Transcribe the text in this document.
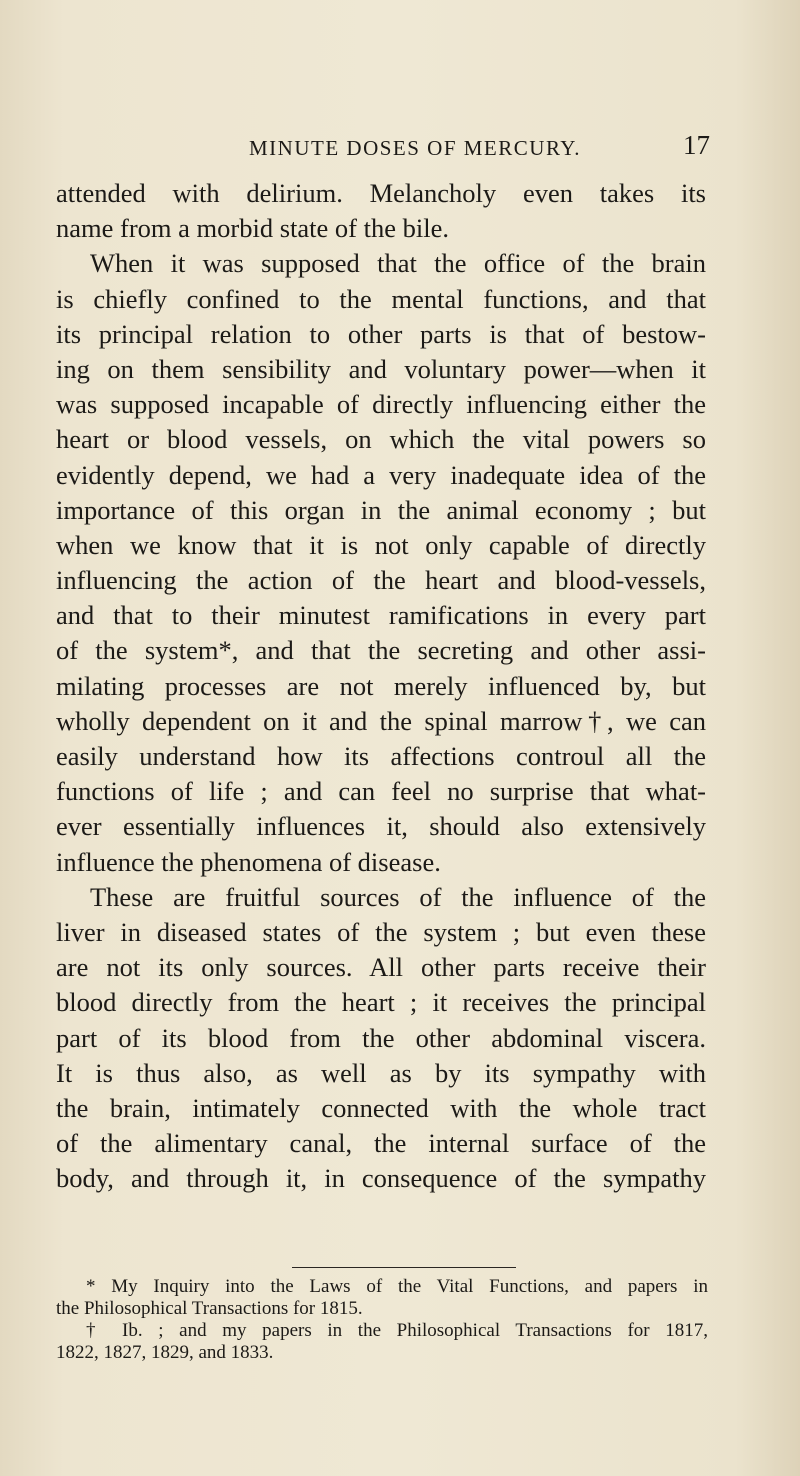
MINUTE DOSES OF MERCURY.	17
attended with delirium. Melancholy even takes its
name from a morbid state of the bile.
When it was supposed that the office of the brain
is chiefly confined to the mental functions, and that
its principal relation to other parts is that of bestow-
ing on them sensibility and voluntary power—when it
was supposed incapable of directly influencing either the
heart or blood vessels, on which the vital powers so
evidently depend, we had a very inadequate idea of the
importance of this organ in the animal economy ; but
when we know that it is not only capable of directly
influencing the action of the heart and blood-vessels,
and that to their minutest ramifications in every part
of the system*, and that the secreting and other assi-
milating processes are not merely influenced by, but
wholly dependent on it and the spinal marrow†, we can
easily understand how its affections controul all the
functions of life ; and can feel no surprise that what-
ever essentially influences it, should also extensively
influence the phenomena of disease.
These are fruitful sources of the influence of the
liver in diseased states of the system ; but even these
are not its only sources. All other parts receive their
blood directly from the heart ; it receives the principal
part of its blood from the other abdominal viscera.
It is thus also, as well as by its sympathy with
the brain, intimately connected with the whole tract
of the alimentary canal, the internal surface of the
body, and through it, in consequence of the sympathy
* My Inquiry into the Laws of the Vital Functions, and papers in
the Philosophical Transactions for 1815.
† Ib. ; and my papers in the Philosophical Transactions for 1817,
1822, 1827, 1829, and 1833.
